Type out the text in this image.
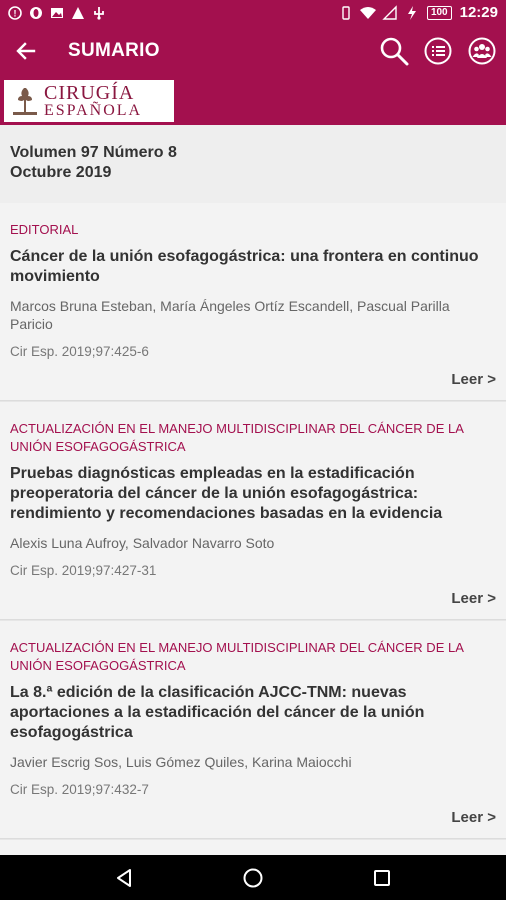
!	100 12:29
SUMARIO
CIRUGÍA
ESPAÑOLA
Volumen 97 Número 8
Octubre 2019
EDITORIAL
Cáncer de la unión esofagogástrica: una frontera en continuo movimiento
Marcos Bruna Esteban, María Ángeles Ortíz Escandell, Pascual Parilla Paricio
Cir Esp. 2019;97:425-6
Leer >
ACTUALIZACIÓN EN EL MANEJO MULTIDISCIPLINAR DEL CÁNCER DE LA UNIÓN ESOFAGOGÁSTRICA
Pruebas diagnósticas empleadas en la estadificación preoperatoria del cáncer de la unión esofagogástrica: rendimiento y recomendaciones basadas en la evidencia
Alexis Luna Aufroy, Salvador Navarro Soto
Cir Esp. 2019;97:427-31
Leer >
ACTUALIZACIÓN EN EL MANEJO MULTIDISCIPLINAR DEL CÁNCER DE LA UNIÓN ESOFAGOGÁSTRICA
La 8.ª edición de la clasificación AJCC-TNM: nuevas aportaciones a la estadificación del cáncer de la unión esofagogástrica
Javier Escrig Sos, Luis Gómez Quiles, Karina Maiocchi
Cir Esp. 2019;97:432-7
Leer >
